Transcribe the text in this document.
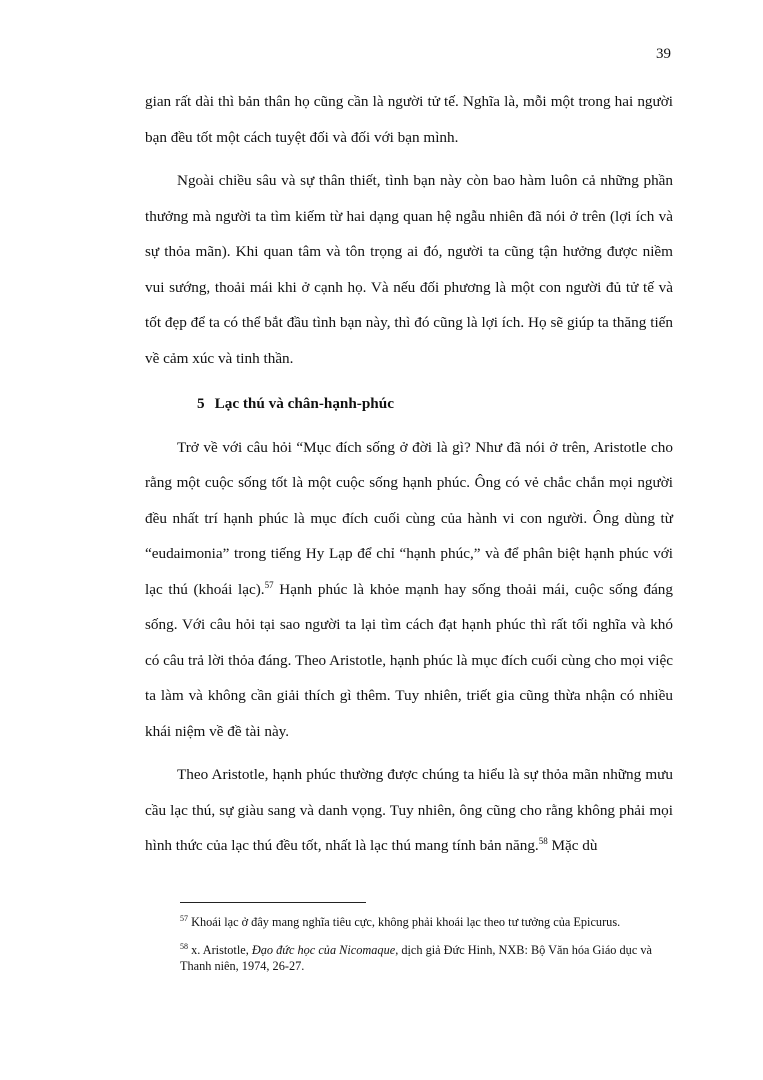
39

gian rất dài thì bản thân họ cũng cần là người tử tế. Nghĩa là, mỗi một trong hai người bạn đều tốt một cách tuyệt đối và đối với bạn mình.

Ngoài chiều sâu và sự thân thiết, tình bạn này còn bao hàm luôn cả những phần thưởng mà người ta tìm kiếm từ hai dạng quan hệ ngẫu nhiên đã nói ở trên (lợi ích và sự thỏa mãn). Khi quan tâm và tôn trọng ai đó, người ta cũng tận hưởng được niềm vui sướng, thoải mái khi ở cạnh họ. Và nếu đối phương là một con người đủ tử tế và tốt đẹp để ta có thể bắt đầu tình bạn này, thì đó cũng là lợi ích. Họ sẽ giúp ta thăng tiến về cảm xúc và tinh thần.

5 Lạc thú và chân-hạnh-phúc

Trở về với câu hỏi “Mục đích sống ở đời là gì? Như đã nói ở trên, Aristotle cho rằng một cuộc sống tốt là một cuộc sống hạnh phúc. Ông có vẻ chắc chắn mọi người đều nhất trí hạnh phúc là mục đích cuối cùng của hành vi con người. Ông dùng từ “eudaimonia” trong tiếng Hy Lạp để chỉ “hạnh phúc,” và để phân biệt hạnh phúc với lạc thú (khoái lạc).$^{57}$ Hạnh phúc là khỏe mạnh hay sống thoải mái, cuộc sống đáng sống. Với câu hỏi tại sao người ta lại tìm cách đạt hạnh phúc thì rất tối nghĩa và khó có câu trả lời thỏa đáng. Theo Aristotle, hạnh phúc là mục đích cuối cùng cho mọi việc ta làm và không cần giải thích gì thêm. Tuy nhiên, triết gia cũng thừa nhận có nhiều khái niệm về đề tài này.

Theo Aristotle, hạnh phúc thường được chúng ta hiểu là sự thỏa mãn những mưu cầu lạc thú, sự giàu sang và danh vọng. Tuy nhiên, ông cũng cho rằng không phải mọi hình thức của lạc thú đều tốt, nhất là lạc thú mang tính bản năng.$^{58}$ Mặc dù

$^{57}$ Khoái lạc ở đây mang nghĩa tiêu cực, không phải khoái lạc theo tư tưởng của Epicurus.

$^{58}$ x. Aristotle, Đạo đức học của Nicomaque, dịch giả Đức Hinh, NXB: Bộ Văn hóa Giáo dục và Thanh niên, 1974, 26-27.
